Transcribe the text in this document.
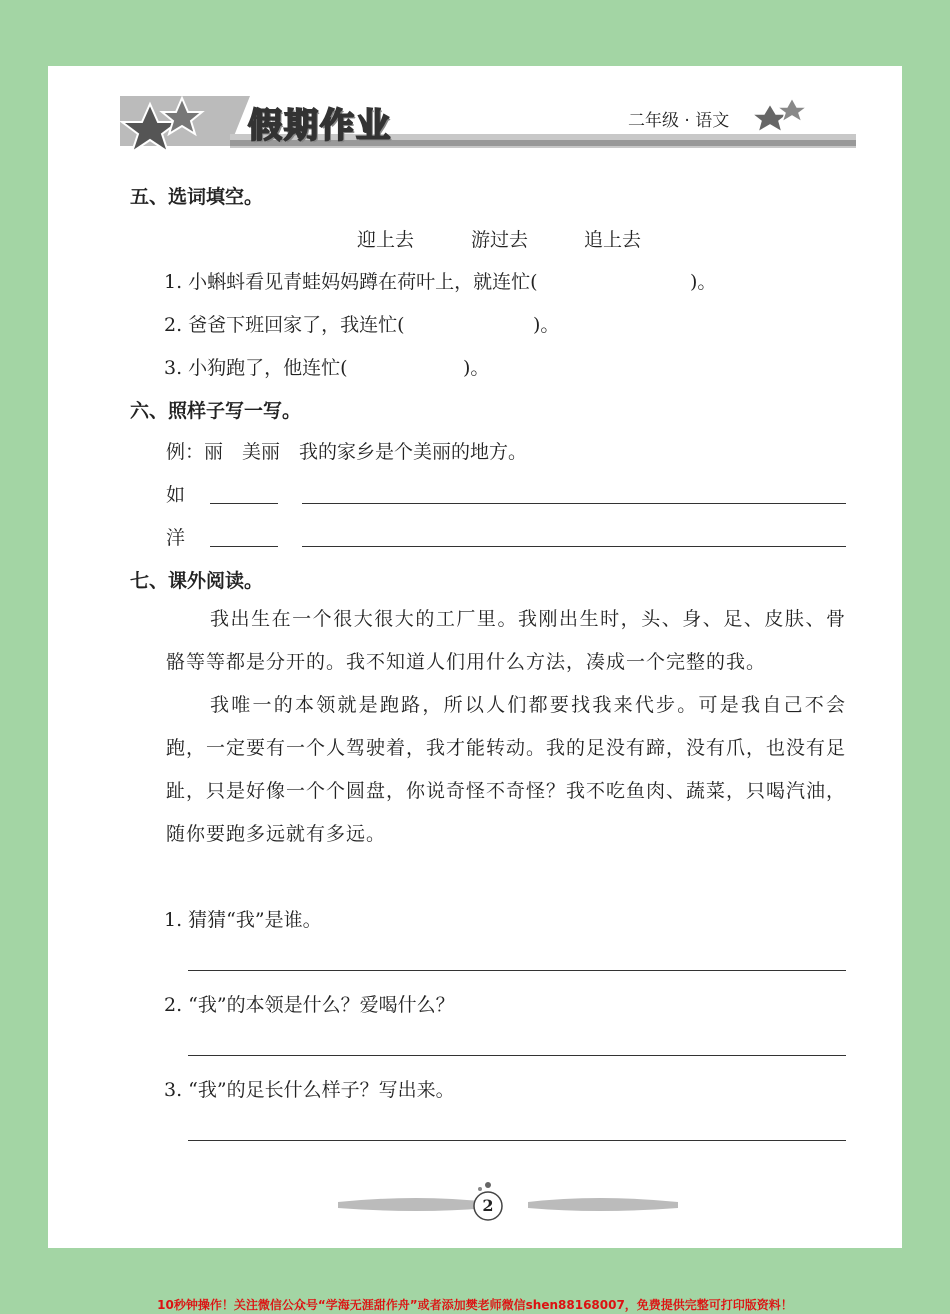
假期作业	二年级 · 语文
五、选词填空。
迎上去	游过去	追上去
1. 小蝌蚪看见青蛙妈妈蹲在荷叶上，就连忙(	)。
2. 爸爸下班回家了，我连忙(	)。
3. 小狗跑了，他连忙(	)。
六、照样子写一写。
例：丽　美丽　我的家乡是个美丽的地方。
如
洋
七、课外阅读。

我出生在一个很大很大的工厂里。我刚出生时，头、身、足、皮肤、骨骼等等都是分开的。我不知道人们用什么方法，凑成一个完整的我。

我唯一的本领就是跑路，所以人们都要找我来代步。可是我自己不会跑，一定要有一个人驾驶着，我才能转动。我的足没有蹄，没有爪，也没有足趾，只是好像一个个圆盘，你说奇怪不奇怪？我不吃鱼肉、蔬菜，只喝汽油，随你要跑多远就有多远。

1. 猜猜“我”是谁。
2. “我”的本领是什么？爱喝什么？
3. “我”的足长什么样子？写出来。
2
10秒钟操作！关注微信公众号“学海无涯甜作舟”或者添加樊老师微信shen88168007，免费提供完整可打印版资料！
